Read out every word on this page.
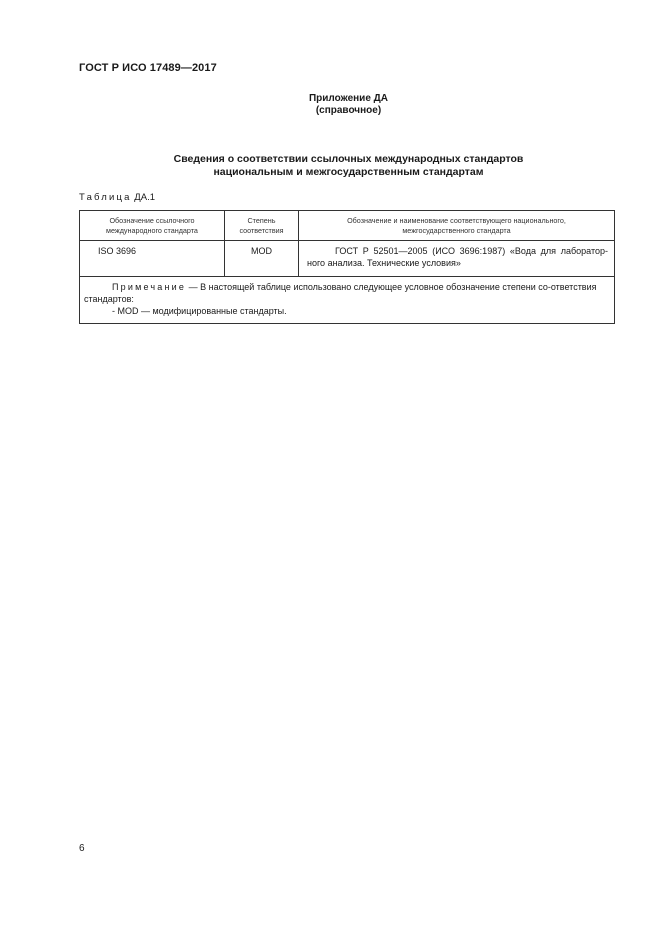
ГОСТ Р ИСО 17489—2017
Приложение ДА
(справочное)
Сведения о соответствии ссылочных международных стандартов
национальным и межгосударственным стандартам
Таблица ДА.1
Обозначение ссылочного международного стандарта	Степень соответствия	Обозначение и наименование соответствующего национального, межгосударственного стандарта
ISO 3696	MOD	ГОСТ Р 52501—2005 (ИСО 3696:1987) «Вода для лаборатор-ного анализа. Технические условия»
Примечание — В настоящей таблице использовано следующее условное обозначение степени со-ответствия стандартов:
- MOD — модифицированные стандарты.		
6
